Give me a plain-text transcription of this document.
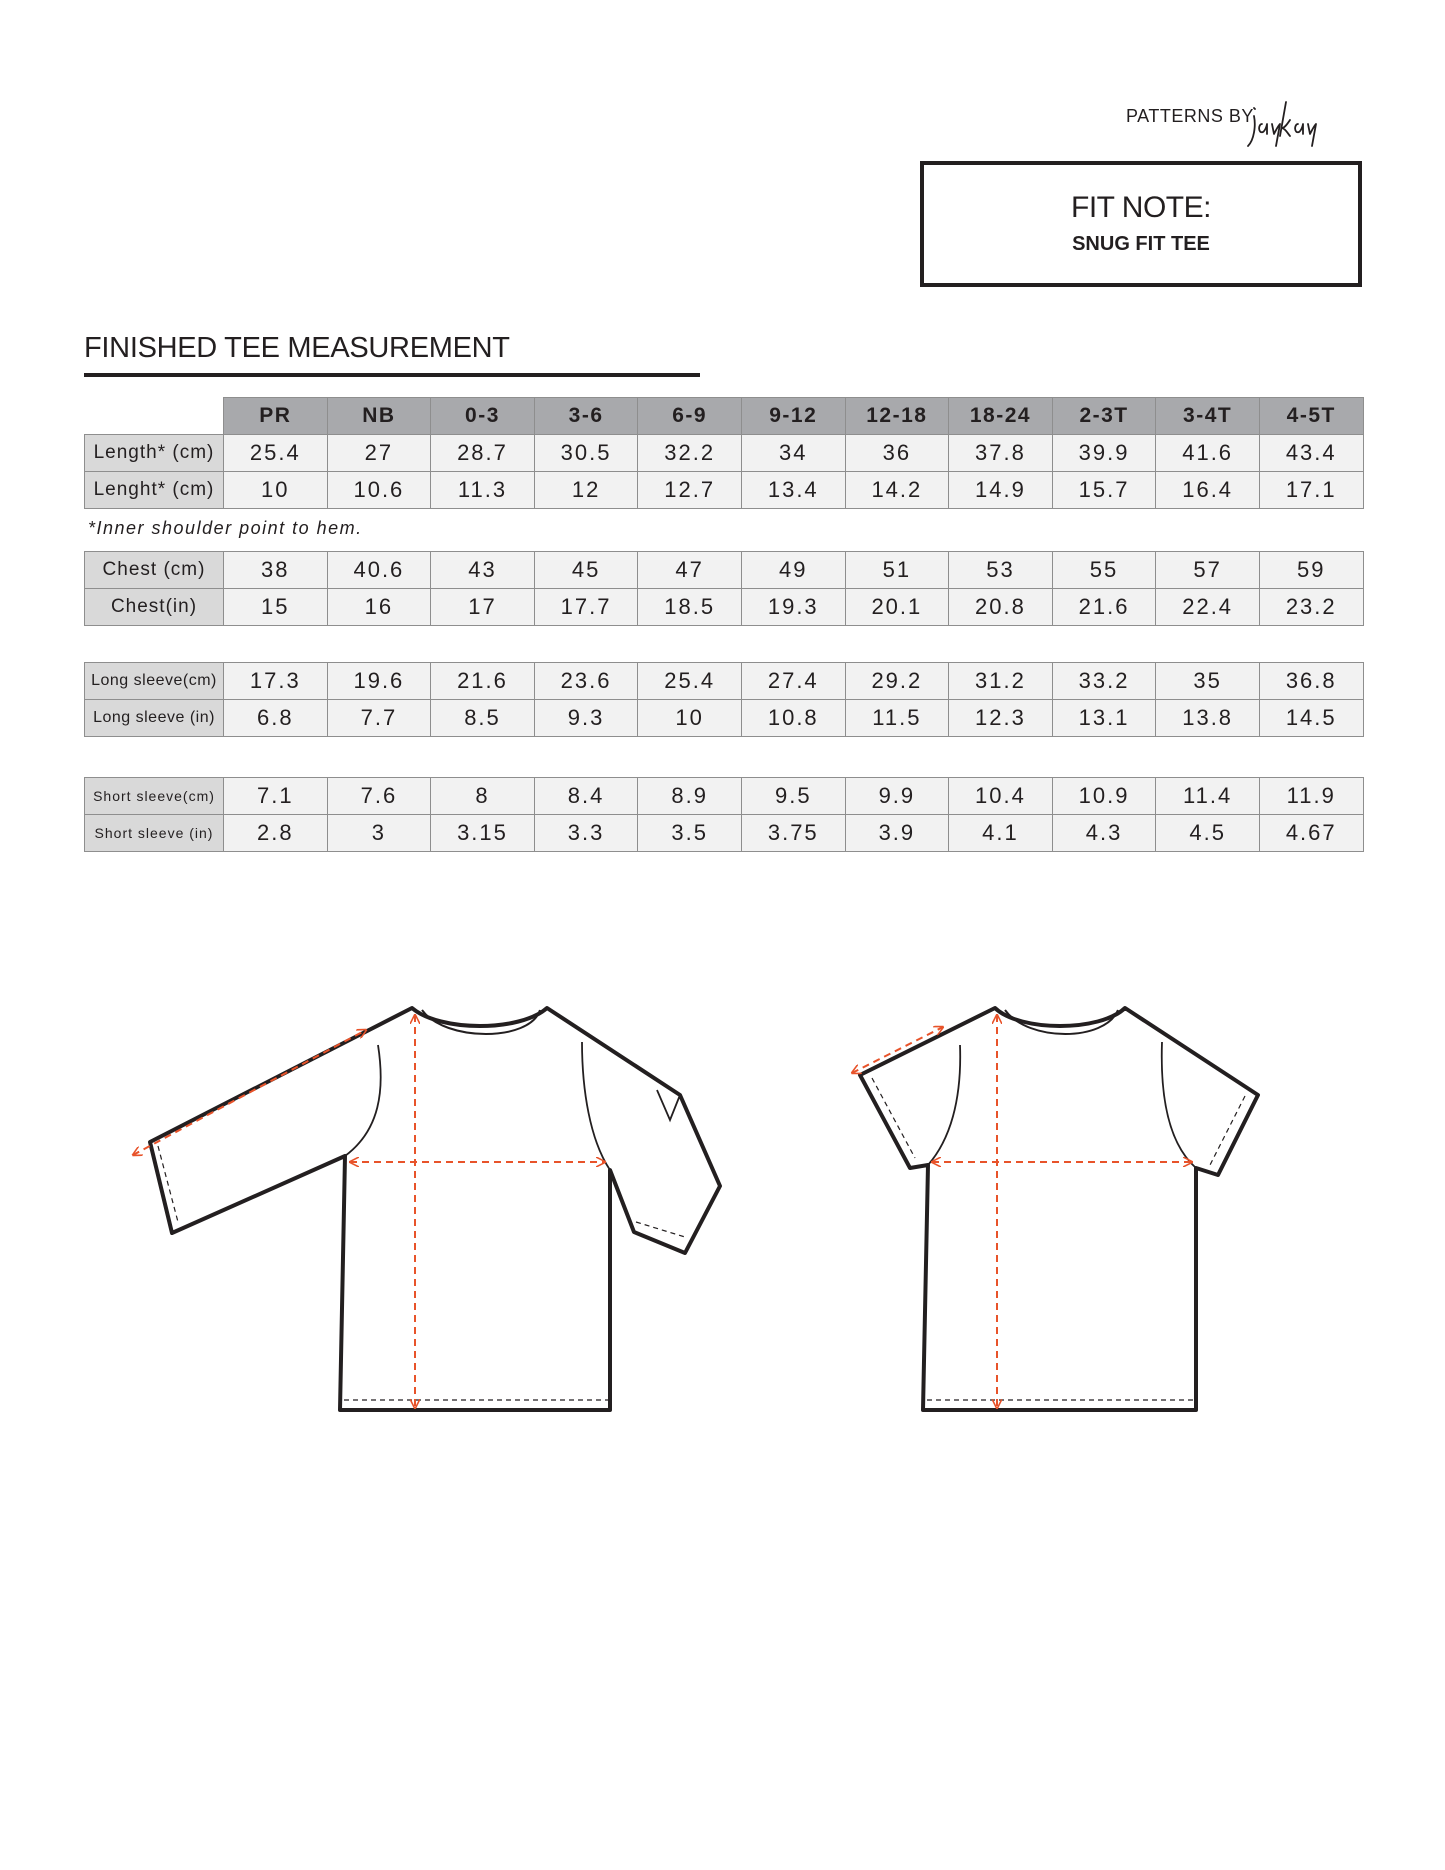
PATTERNS BY
FIT NOTE:
SNUG FIT TEE
FINISHED TEE MEASUREMENT
	PR	NB	0-3	3-6	6-9	9-12	12-18	18-24	2-3T	3-4T	4-5T
Length* (cm)	25.4	27	28.7	30.5	32.2	34	36	37.8	39.9	41.6	43.4
Lenght* (cm)	10	10.6	11.3	12	12.7	13.4	14.2	14.9	15.7	16.4	17.1
*Inner shoulder point to hem.
Chest (cm)	38	40.6	43	45	47	49	51	53	55	57	59
Chest(in)	15	16	17	17.7	18.5	19.3	20.1	20.8	21.6	22.4	23.2
Long sleeve(cm)	17.3	19.6	21.6	23.6	25.4	27.4	29.2	31.2	33.2	35	36.8
Long sleeve (in)	6.8	7.7	8.5	9.3	10	10.8	11.5	12.3	13.1	13.8	14.5
Short sleeve(cm)	7.1	7.6	8	8.4	8.9	9.5	9.9	10.4	10.9	11.4	11.9
Short sleeve (in)	2.8	3	3.15	3.3	3.5	3.75	3.9	4.1	4.3	4.5	4.67
